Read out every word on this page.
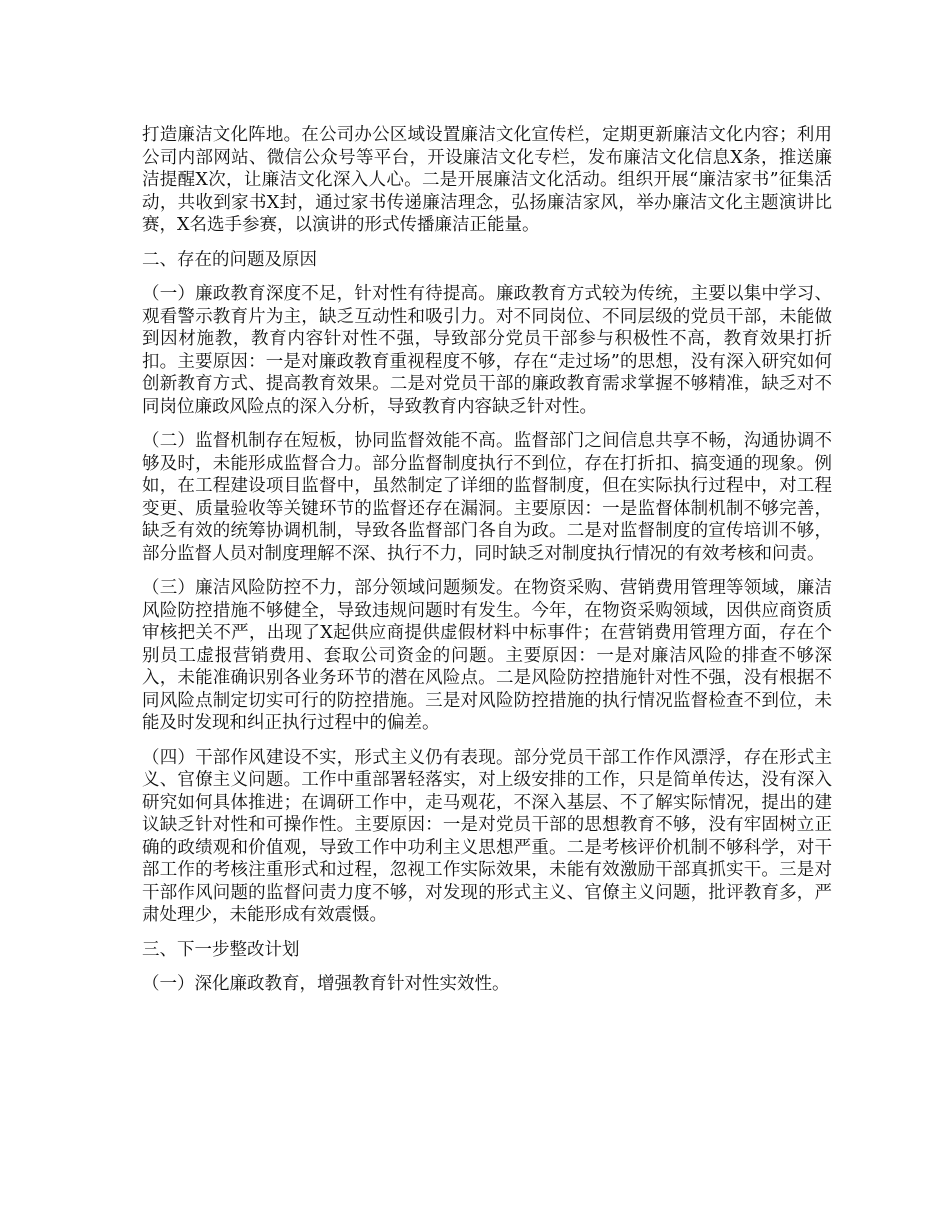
打造廉洁文化阵地。在公司办公区域设置廉洁文化宣传栏，定期更新廉洁文化内容；利用公司内部网站、微信公众号等平台，开设廉洁文化专栏，发布廉洁文化信息X条，推送廉洁提醒X次，让廉洁文化深入人心。二是开展廉洁文化活动。组织开展“廉洁家书”征集活动，共收到家书X封，通过家书传递廉洁理念，弘扬廉洁家风，举办廉洁文化主题演讲比赛，X名选手参赛，以演讲的形式传播廉洁正能量。

二、存在的问题及原因

（一）廉政教育深度不足，针对性有待提高。廉政教育方式较为传统，主要以集中学习、观看警示教育片为主，缺乏互动性和吸引力。对不同岗位、不同层级的党员干部，未能做到因材施教，教育内容针对性不强，导致部分党员干部参与积极性不高，教育效果打折扣。主要原因：一是对廉政教育重视程度不够，存在“走过场”的思想，没有深入研究如何创新教育方式、提高教育效果。二是对党员干部的廉政教育需求掌握不够精准，缺乏对不同岗位廉政风险点的深入分析，导致教育内容缺乏针对性。

（二）监督机制存在短板，协同监督效能不高。监督部门之间信息共享不畅，沟通协调不够及时，未能形成监督合力。部分监督制度执行不到位，存在打折扣、搞变通的现象。例如，在工程建设项目监督中，虽然制定了详细的监督制度，但在实际执行过程中，对工程变更、质量验收等关键环节的监督还存在漏洞。主要原因：一是监督体制机制不够完善，缺乏有效的统筹协调机制，导致各监督部门各自为政。二是对监督制度的宣传培训不够，部分监督人员对制度理解不深、执行不力，同时缺乏对制度执行情况的有效考核和问责。

（三）廉洁风险防控不力，部分领域问题频发。在物资采购、营销费用管理等领域，廉洁风险防控措施不够健全，导致违规问题时有发生。今年，在物资采购领域，因供应商资质审核把关不严，出现了X起供应商提供虚假材料中标事件；在营销费用管理方面，存在个别员工虚报营销费用、套取公司资金的问题。主要原因：一是对廉洁风险的排查不够深入，未能准确识别各业务环节的潜在风险点。二是风险防控措施针对性不强，没有根据不同风险点制定切实可行的防控措施。三是对风险防控措施的执行情况监督检查不到位，未能及时发现和纠正执行过程中的偏差。

（四）干部作风建设不实，形式主义仍有表现。部分党员干部工作作风漂浮，存在形式主义、官僚主义问题。工作中重部署轻落实，对上级安排的工作，只是简单传达，没有深入研究如何具体推进；在调研工作中，走马观花，不深入基层、不了解实际情况，提出的建议缺乏针对性和可操作性。主要原因：一是对党员干部的思想教育不够，没有牢固树立正确的政绩观和价值观，导致工作中功利主义思想严重。二是考核评价机制不够科学，对干部工作的考核注重形式和过程，忽视工作实际效果，未能有效激励干部真抓实干。三是对干部作风问题的监督问责力度不够，对发现的形式主义、官僚主义问题，批评教育多，严肃处理少，未能形成有效震慑。

三、下一步整改计划

（一）深化廉政教育，增强教育针对性实效性。
